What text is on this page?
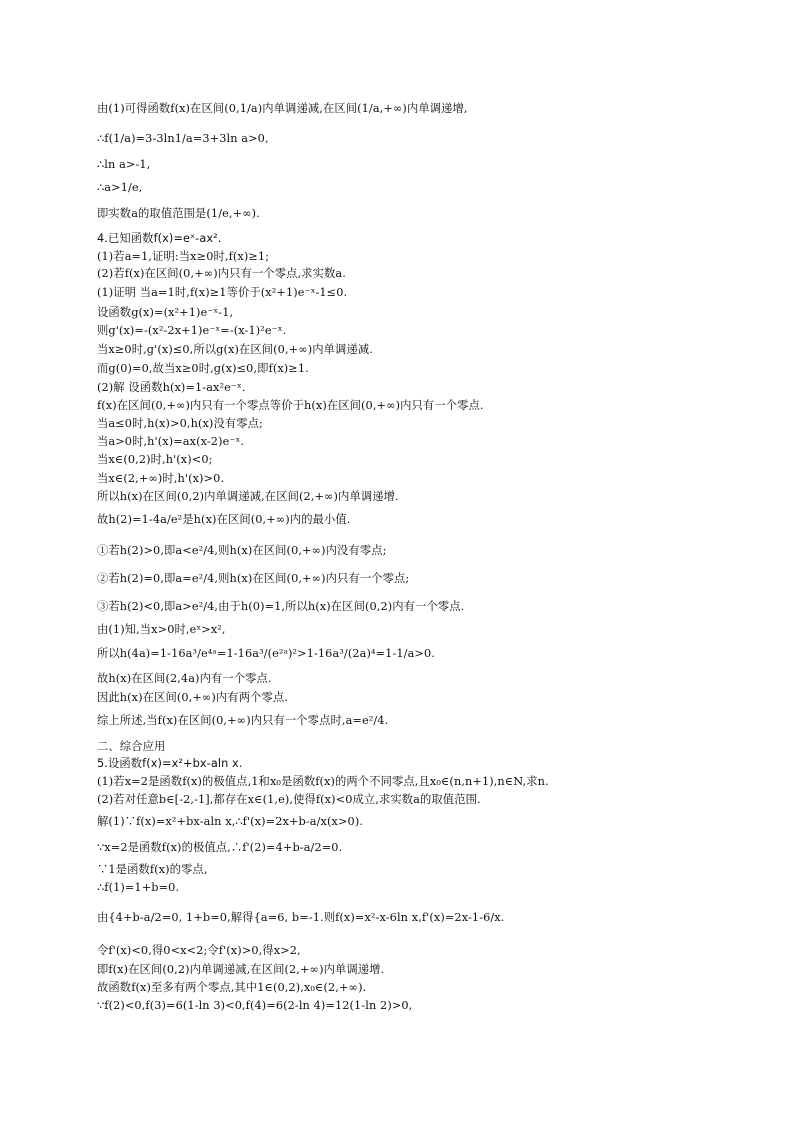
由(1)可得函数f(x)在区间(0,1/a)内单调递减,在区间(1/a,+∞)内单调递增,
∴f(1/a)=3-3ln1/a=3+3ln a>0,
∴ln a>-1,
∴a>1/e,
即实数a的取值范围是(1/e,+∞).
4.已知函数f(x)=eˣ-ax².
(1)若a=1,证明:当x≥0时,f(x)≥1;
(2)若f(x)在区间(0,+∞)内只有一个零点,求实数a.
(1)证明 当a=1时,f(x)≥1等价于(x²+1)e⁻ˣ-1≤0.
设函数g(x)=(x²+1)e⁻ˣ-1,
则g'(x)=-(x²-2x+1)e⁻ˣ=-(x-1)²e⁻ˣ.
当x≥0时,g'(x)≤0,所以g(x)在区间(0,+∞)内单调递减.
而g(0)=0,故当x≥0时,g(x)≤0,即f(x)≥1.
(2)解 设函数h(x)=1-ax²e⁻ˣ.
f(x)在区间(0,+∞)内只有一个零点等价于h(x)在区间(0,+∞)内只有一个零点.
当a≤0时,h(x)>0,h(x)没有零点;
当a>0时,h'(x)=ax(x-2)e⁻ˣ.
当x∈(0,2)时,h'(x)<0;
当x∈(2,+∞)时,h'(x)>0.
所以h(x)在区间(0,2)内单调递减,在区间(2,+∞)内单调递增.
故h(2)=1-4a/e²是h(x)在区间(0,+∞)内的最小值.
①若h(2)>0,即a<e²/4,则h(x)在区间(0,+∞)内没有零点;
②若h(2)=0,即a=e²/4,则h(x)在区间(0,+∞)内只有一个零点;
③若h(2)<0,即a>e²/4,由于h(0)=1,所以h(x)在区间(0,2)内有一个零点.
由(1)知,当x>0时,eˣ>x²,
所以h(4a)=1-16a³/e⁴ᵃ=1-16a³/(e²ᵃ)²>1-16a³/(2a)⁴=1-1/a>0.
故h(x)在区间(2,4a)内有一个零点.
因此h(x)在区间(0,+∞)内有两个零点.
综上所述,当f(x)在区间(0,+∞)内只有一个零点时,a=e²/4.
二、综合应用
5.设函数f(x)=x²+bx-aln x.
(1)若x=2是函数f(x)的极值点,1和x₀是函数f(x)的两个不同零点,且x₀∈(n,n+1),n∈N,求n.
(2)若对任意b∈[-2,-1],都存在x∈(1,e),使得f(x)<0成立,求实数a的取值范围.
解(1)∵f(x)=x²+bx-aln x,∴f'(x)=2x+b-a/x(x>0).
∵x=2是函数f(x)的极值点,∴f'(2)=4+b-a/2=0.
∵1是函数f(x)的零点,
∴f(1)=1+b=0.
由{4+b-a/2=0, 1+b=0,解得{a=6, b=-1.则f(x)=x²-x-6ln x,f'(x)=2x-1-6/x.
令f'(x)<0,得0<x<2;令f'(x)>0,得x>2,
即f(x)在区间(0,2)内单调递减,在区间(2,+∞)内单调递增.
故函数f(x)至多有两个零点,其中1∈(0,2),x₀∈(2,+∞).
∵f(2)<0,f(3)=6(1-ln 3)<0,f(4)=6(2-ln 4)=12(1-ln 2)>0,
